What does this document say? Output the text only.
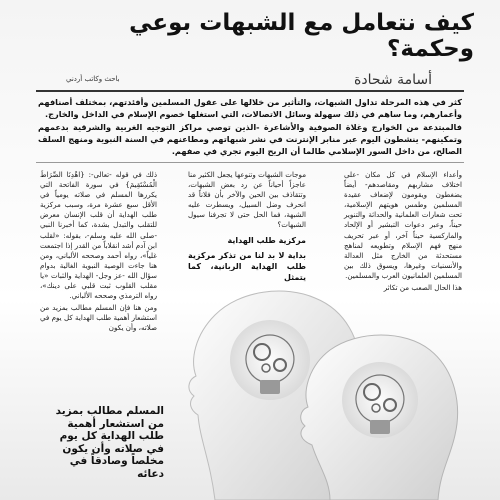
كيف نتعامل مع الشبهات بوعي وحكمة؟
أسامة شحادة
باحث وكاتب أردني

كثر في هذه المرحلة تداول الشبهات، والتأثير من خلالها على عقول المسلمين وأفئدتهم، بمختلف أصنافهم وأعمارهم، وما ساهم في ذلك سهولة وسائل الاتصالات، التي استغلها خصوم الإسلام في الداخل والخارج.

فالمبتدعة من الخوارج وغلاة الصوفية والأشاعرة -الذين توصي مراكز التوجيه الغربية والشرقية بدعمهم وتمكينهم- ينشطون اليوم عبر منابر الإنترنت في نشر شبهاتهم ومطاعنهم في السنة النبوية ومنهج السلف الصالح، من داخل السور الإسلامي طالما أن الريح اليوم تجري في صفهم.

وأعداء الإسلام في كل مكان -على اختلاف مشاربهم ومقاصدهم- أيضاً يضغطون ويقومون لإضعاف عقيدة المسلمين وطمس هويتهم الإسلامية، تحت شعارات العلمانية والحداثة والتنوير حيناً، وعبر دعوات التبشير أو الإلحاد والماركسية حيناً آخر، أو عبر تحريف منهج فهم الإسلام وتطويعه لمناهج مستحدثة من الخارج مثل العدالة والأنسنيات وغيرها، ويسوق ذلك بين المسلمين العلمانيون العرب والمسلمين.

هذا الحال الصعب من تكاثر

موجات الشبهات وتنوعها يجعل الكثير منا عاجزاً أحياناً عن رد بعض الشبهات، وتتقاذف بين الحين والآخر بأن فلاناً قد انحرف وضل السبيل، ويسطرت عليه الشبهة، فما الحل حتى لا تجرفنا سيول الشبهات؟

مركزية طلب الهداية
بداية لا بد لنا من تذكر مركزية طلب الهداية الربانية، كما يتمثل

ذلك في قوله -تعالى-: {اهْدِنَا الصِّرَاطَ الْمُسْتَقِيمَ} في سورة الفاتحة التي يكررها المسلم في صلاته يومياً في الأقل سبع عشرة مرة، وسبب مركزية طلب الهداية أن قلب الإنسان معرض للتقلب والتبدل بشدة، كما أخبرنا النبي -صلى الله عليه وسلم-، بقوله: «لقلب ابن آدم أشد انقلاباً من القدر إذا اجتمعت غلياً»، رواه أحمد وصححه الألباني، ومن هنا جاءت الوصية النبوية الغالية بدوام سؤال الله -عز وجل- الهداية والثبات «يا مقلب القلوب ثبت قلبي على دينك»، رواه الترمذي وصححه الألباني.

ومن هنا فإن المسلم مطالب بمزيد من استشعار أهمية طلب الهداية كل يوم في صلاته، وأن يكون

المسلم مطالب بمزيد من استشعار أهمية طلب الهداية كل يوم في صلاته وأن يكون مخلصاً وصادقاً في دعائه
